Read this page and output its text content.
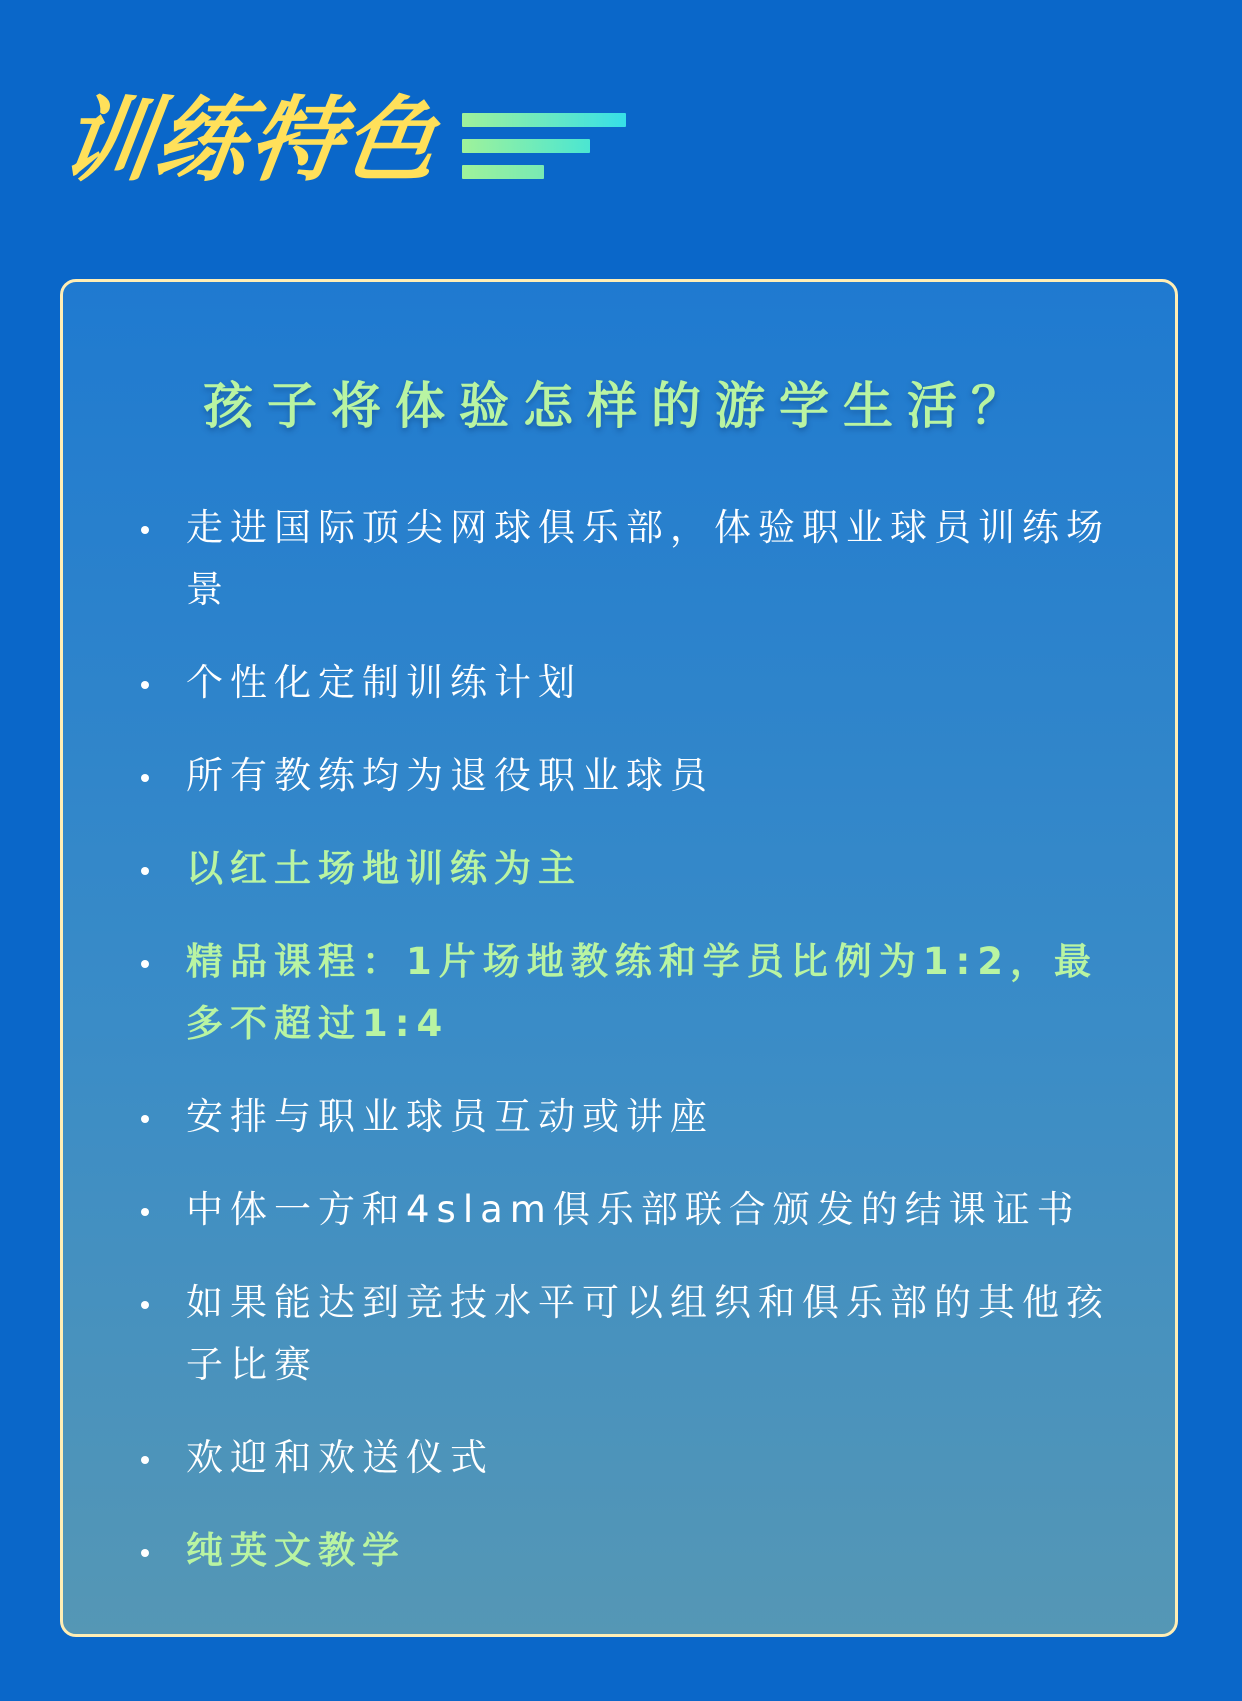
训练特色
孩子将体验怎样的游学生活？
走进国际顶尖网球俱乐部，体验职业球员训练场景
个性化定制训练计划
所有教练均为退役职业球员
以红土场地训练为主
精品课程：1片场地教练和学员比例为1:2，最多不超过1:4
安排与职业球员互动或讲座
中体一方和4slam俱乐部联合颁发的结课证书
如果能达到竞技水平可以组织和俱乐部的其他孩子比赛
欢迎和欢送仪式
纯英文教学
